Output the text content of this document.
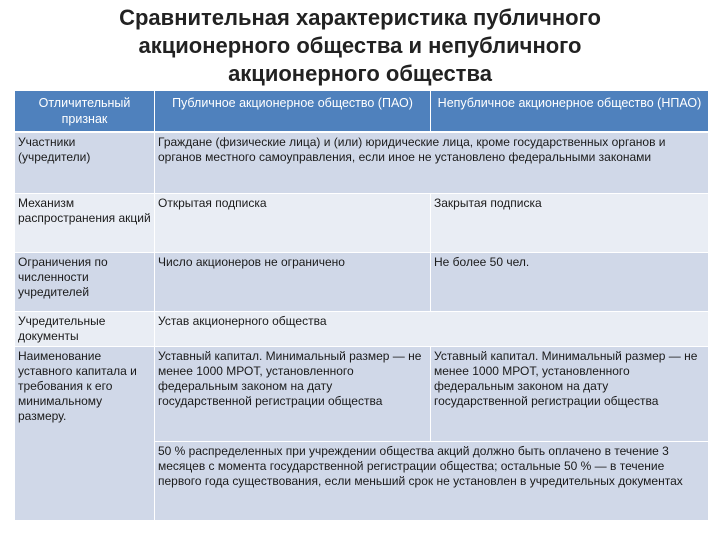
Сравнительная характеристика публичного
акционерного общества и непубличного
акционерного общества
Отличительный признак	Публичное акционерное общество (ПАО)	Непубличное акционерное общество (НПАО)
Участники (учредители)	Граждане (физические лица) и (или) юридические лица, кроме государственных органов и органов местного самоуправления, если иное не установлено федеральными законами	
Механизм распространения акций	Открытая подписка	Закрытая подписка
Ограничения по численности учредителей	Число акционеров не ограничено	Не более 50 чел.
Учредительные документы	Устав акционерного общества	
Наименование уставного капитала и требования к его минимальному размеру.	Уставный капитал. Минимальный размер — не менее 1000 МРОТ, установленного федеральным законом на дату государственной регистрации общества	Уставный капитал. Минимальный размер — не менее 1000 МРОТ, установленного федеральным законом на дату государственной регистрации общества
	50 % распределенных при учреждении общества акций должно быть оплачено в течение 3 месяцев с момента государственной регистрации общества; остальные 50 % — в течение первого года существования, если меньший срок не установлен в учредительных документах	
